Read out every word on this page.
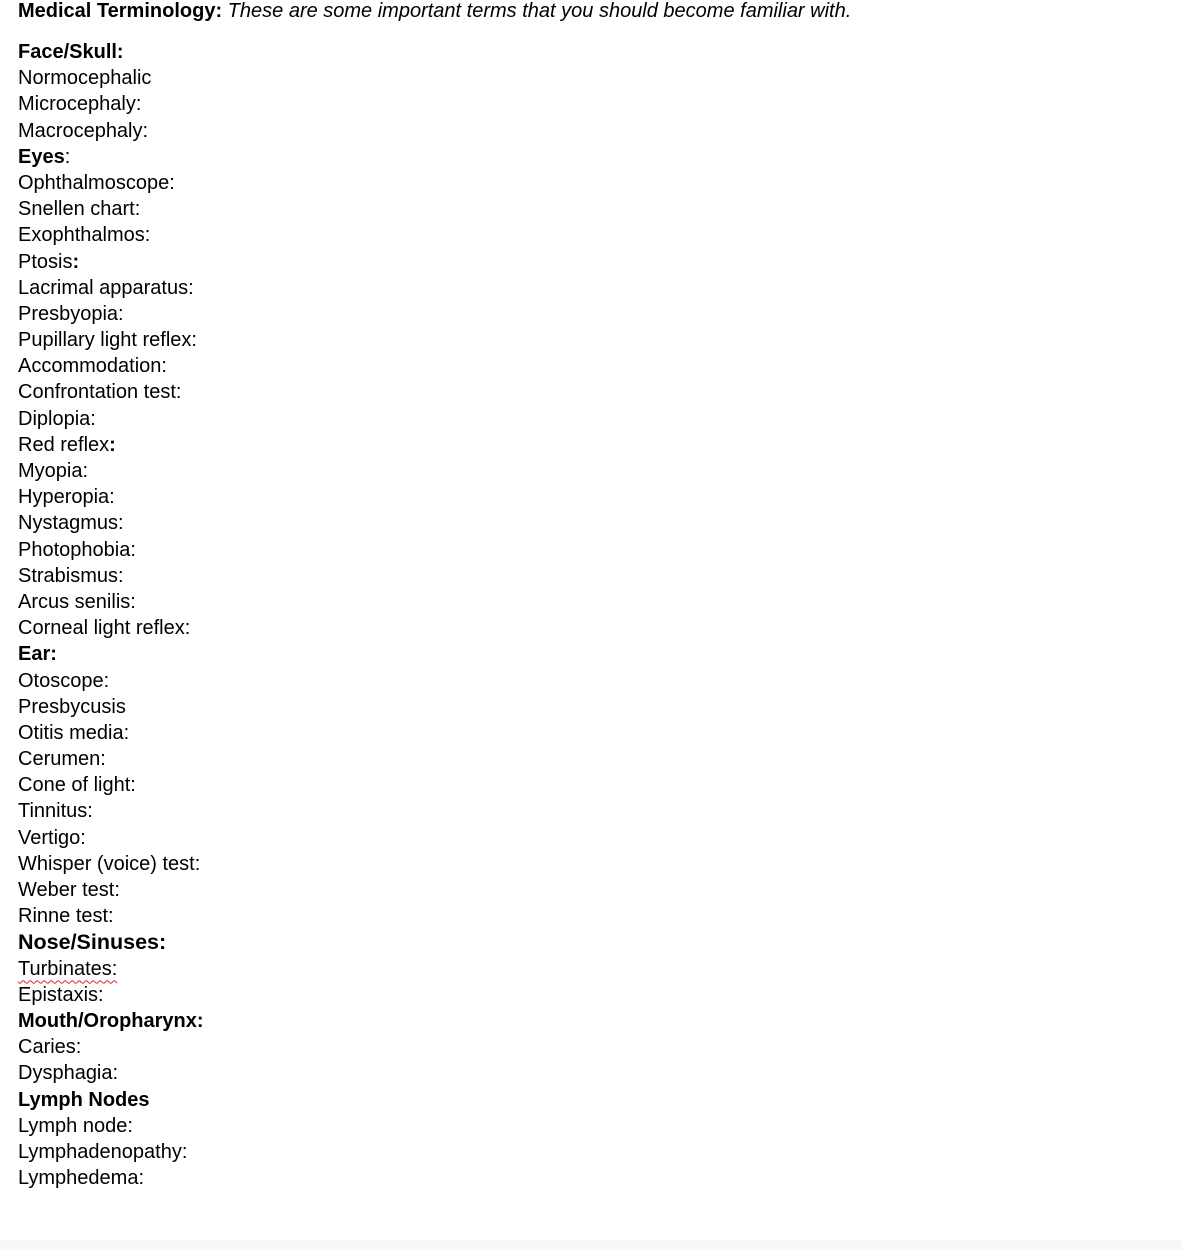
Medical Terminology: These are some important terms that you should become familiar with.
Face/Skull:
Normocephalic
Microcephaly:
Macrocephaly:
Eyes:
Ophthalmoscope:
Snellen chart:
Exophthalmos:
Ptosis:
Lacrimal apparatus:
Presbyopia:
Pupillary light reflex:
Accommodation:
Confrontation test:
Diplopia:
Red reflex:
Myopia:
Hyperopia:
Nystagmus:
Photophobia:
Strabismus:
Arcus senilis:
Corneal light reflex:
Ear:
Otoscope:
Presbycusis
Otitis media:
Cerumen:
Cone of light:
Tinnitus:
Vertigo:
Whisper (voice) test:
Weber test:
Rinne test:
Nose/Sinuses:
Turbinates:
Epistaxis:
Mouth/Oropharynx:
Caries:
Dysphagia:
Lymph Nodes
Lymph node:
Lymphadenopathy:
Lymphedema:
